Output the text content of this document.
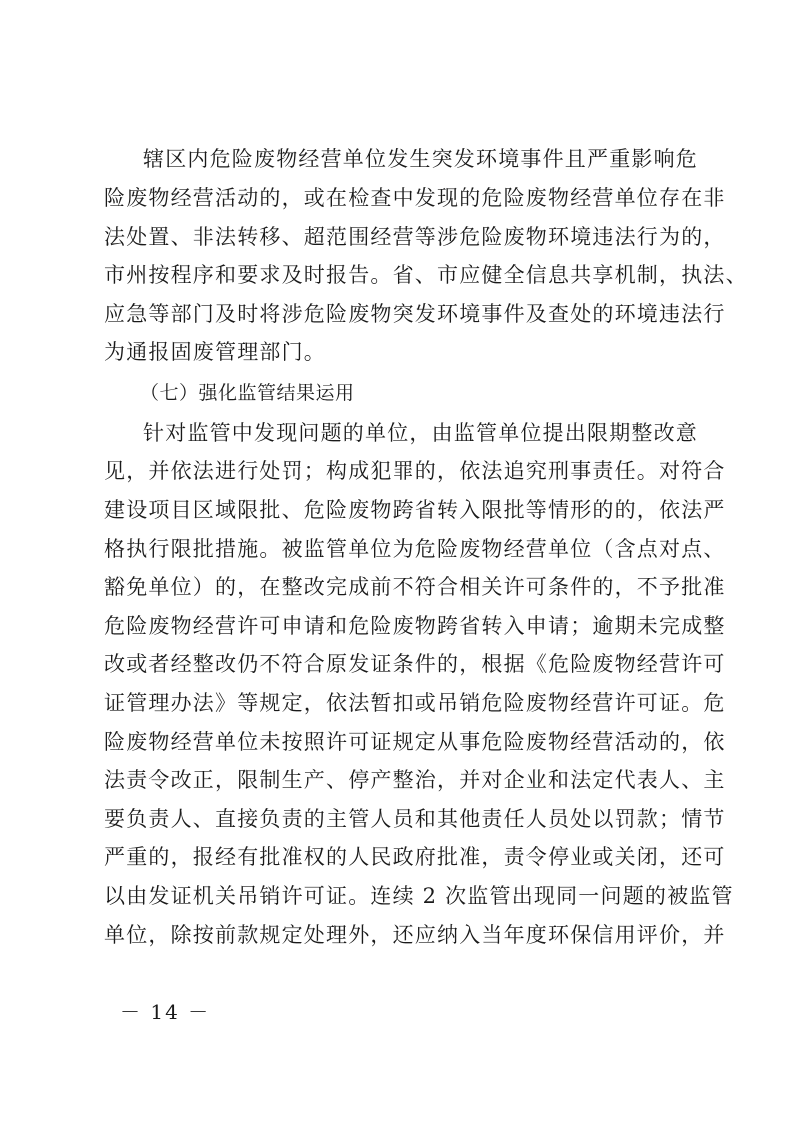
辖区内危险废物经营单位发生突发环境事件且严重影响危
险废物经营活动的，或在检查中发现的危险废物经营单位存在非
法处置、非法转移、超范围经营等涉危险废物环境违法行为的，
市州按程序和要求及时报告。省、市应健全信息共享机制，执法、
应急等部门及时将涉危险废物突发环境事件及查处的环境违法行
为通报固废管理部门。
（七）强化监管结果运用
针对监管中发现问题的单位，由监管单位提出限期整改意
见，并依法进行处罚；构成犯罪的，依法追究刑事责任。对符合
建设项目区域限批、危险废物跨省转入限批等情形的的，依法严
格执行限批措施。被监管单位为危险废物经营单位（含点对点、
豁免单位）的，在整改完成前不符合相关许可条件的，不予批准
危险废物经营许可申请和危险废物跨省转入申请；逾期未完成整
改或者经整改仍不符合原发证条件的，根据《危险废物经营许可
证管理办法》等规定，依法暂扣或吊销危险废物经营许可证。危
险废物经营单位未按照许可证规定从事危险废物经营活动的，依
法责令改正，限制生产、停产整治，并对企业和法定代表人、主
要负责人、直接负责的主管人员和其他责任人员处以罚款；情节
严重的，报经有批准权的人民政府批准，责令停业或关闭，还可
以由发证机关吊销许可证。连续 2 次监管出现同一问题的被监管
单位，除按前款规定处理外，还应纳入当年度环保信用评价，并
－ 14 －
